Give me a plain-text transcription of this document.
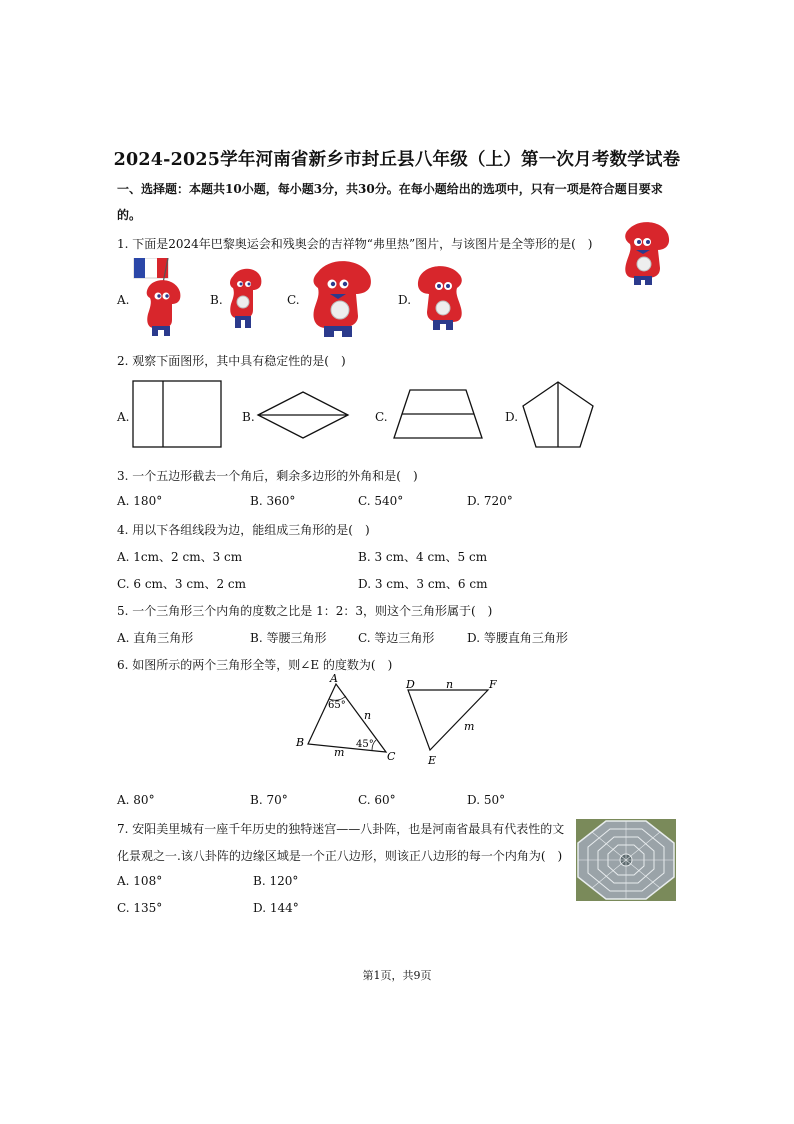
2024-2025学年河南省新乡市封丘县八年级（上）第一次月考数学试卷
一、选择题：本题共10小题，每小题3分，共30分。在每小题给出的选项中，只有一项是符合题目要求
的。
1. 下面是2024年巴黎奥运会和残奥会的吉祥物“弗里热”图片，与该图片是全等形的是(　)
A.	B.	C.	D.
2. 观察下面图形，其中具有稳定性的是(　)
A.	B.	C.	D.
3. 一个五边形截去一个角后，剩余多边形的外角和是(　)
A. 180°	B. 360°	C. 540°	D. 720°
4. 用以下各组线段为边，能组成三角形的是(　)
A. 1cm、2 cm、3 cm	B. 3 cm、4 cm、5 cm
C. 6 cm、3 cm、2 cm	D. 3 cm、3 cm、6 cm
5. 一个三角形三个内角的度数之比是 1：2：3，则这个三角形属于(　)
A. 直角三角形	B. 等腰三角形	C. 等边三角形	D. 等腰直角三角形
6. 如图所示的两个三角形全等，则∠E 的度数为(　)
A
B
C
65°
45°
n
m
D	F
E
n
m
A. 80°	B. 70°	C. 60°	D. 50°
7. 安阳美里城有一座千年历史的独特迷宫——八卦阵，也是河南省最具有代表性的文
化景观之一.该八卦阵的边缘区域是一个正八边形，则该正八边形的每一个内角为(　)
A. 108°	B. 120°
C. 135°	D. 144°
第1页，共9页
